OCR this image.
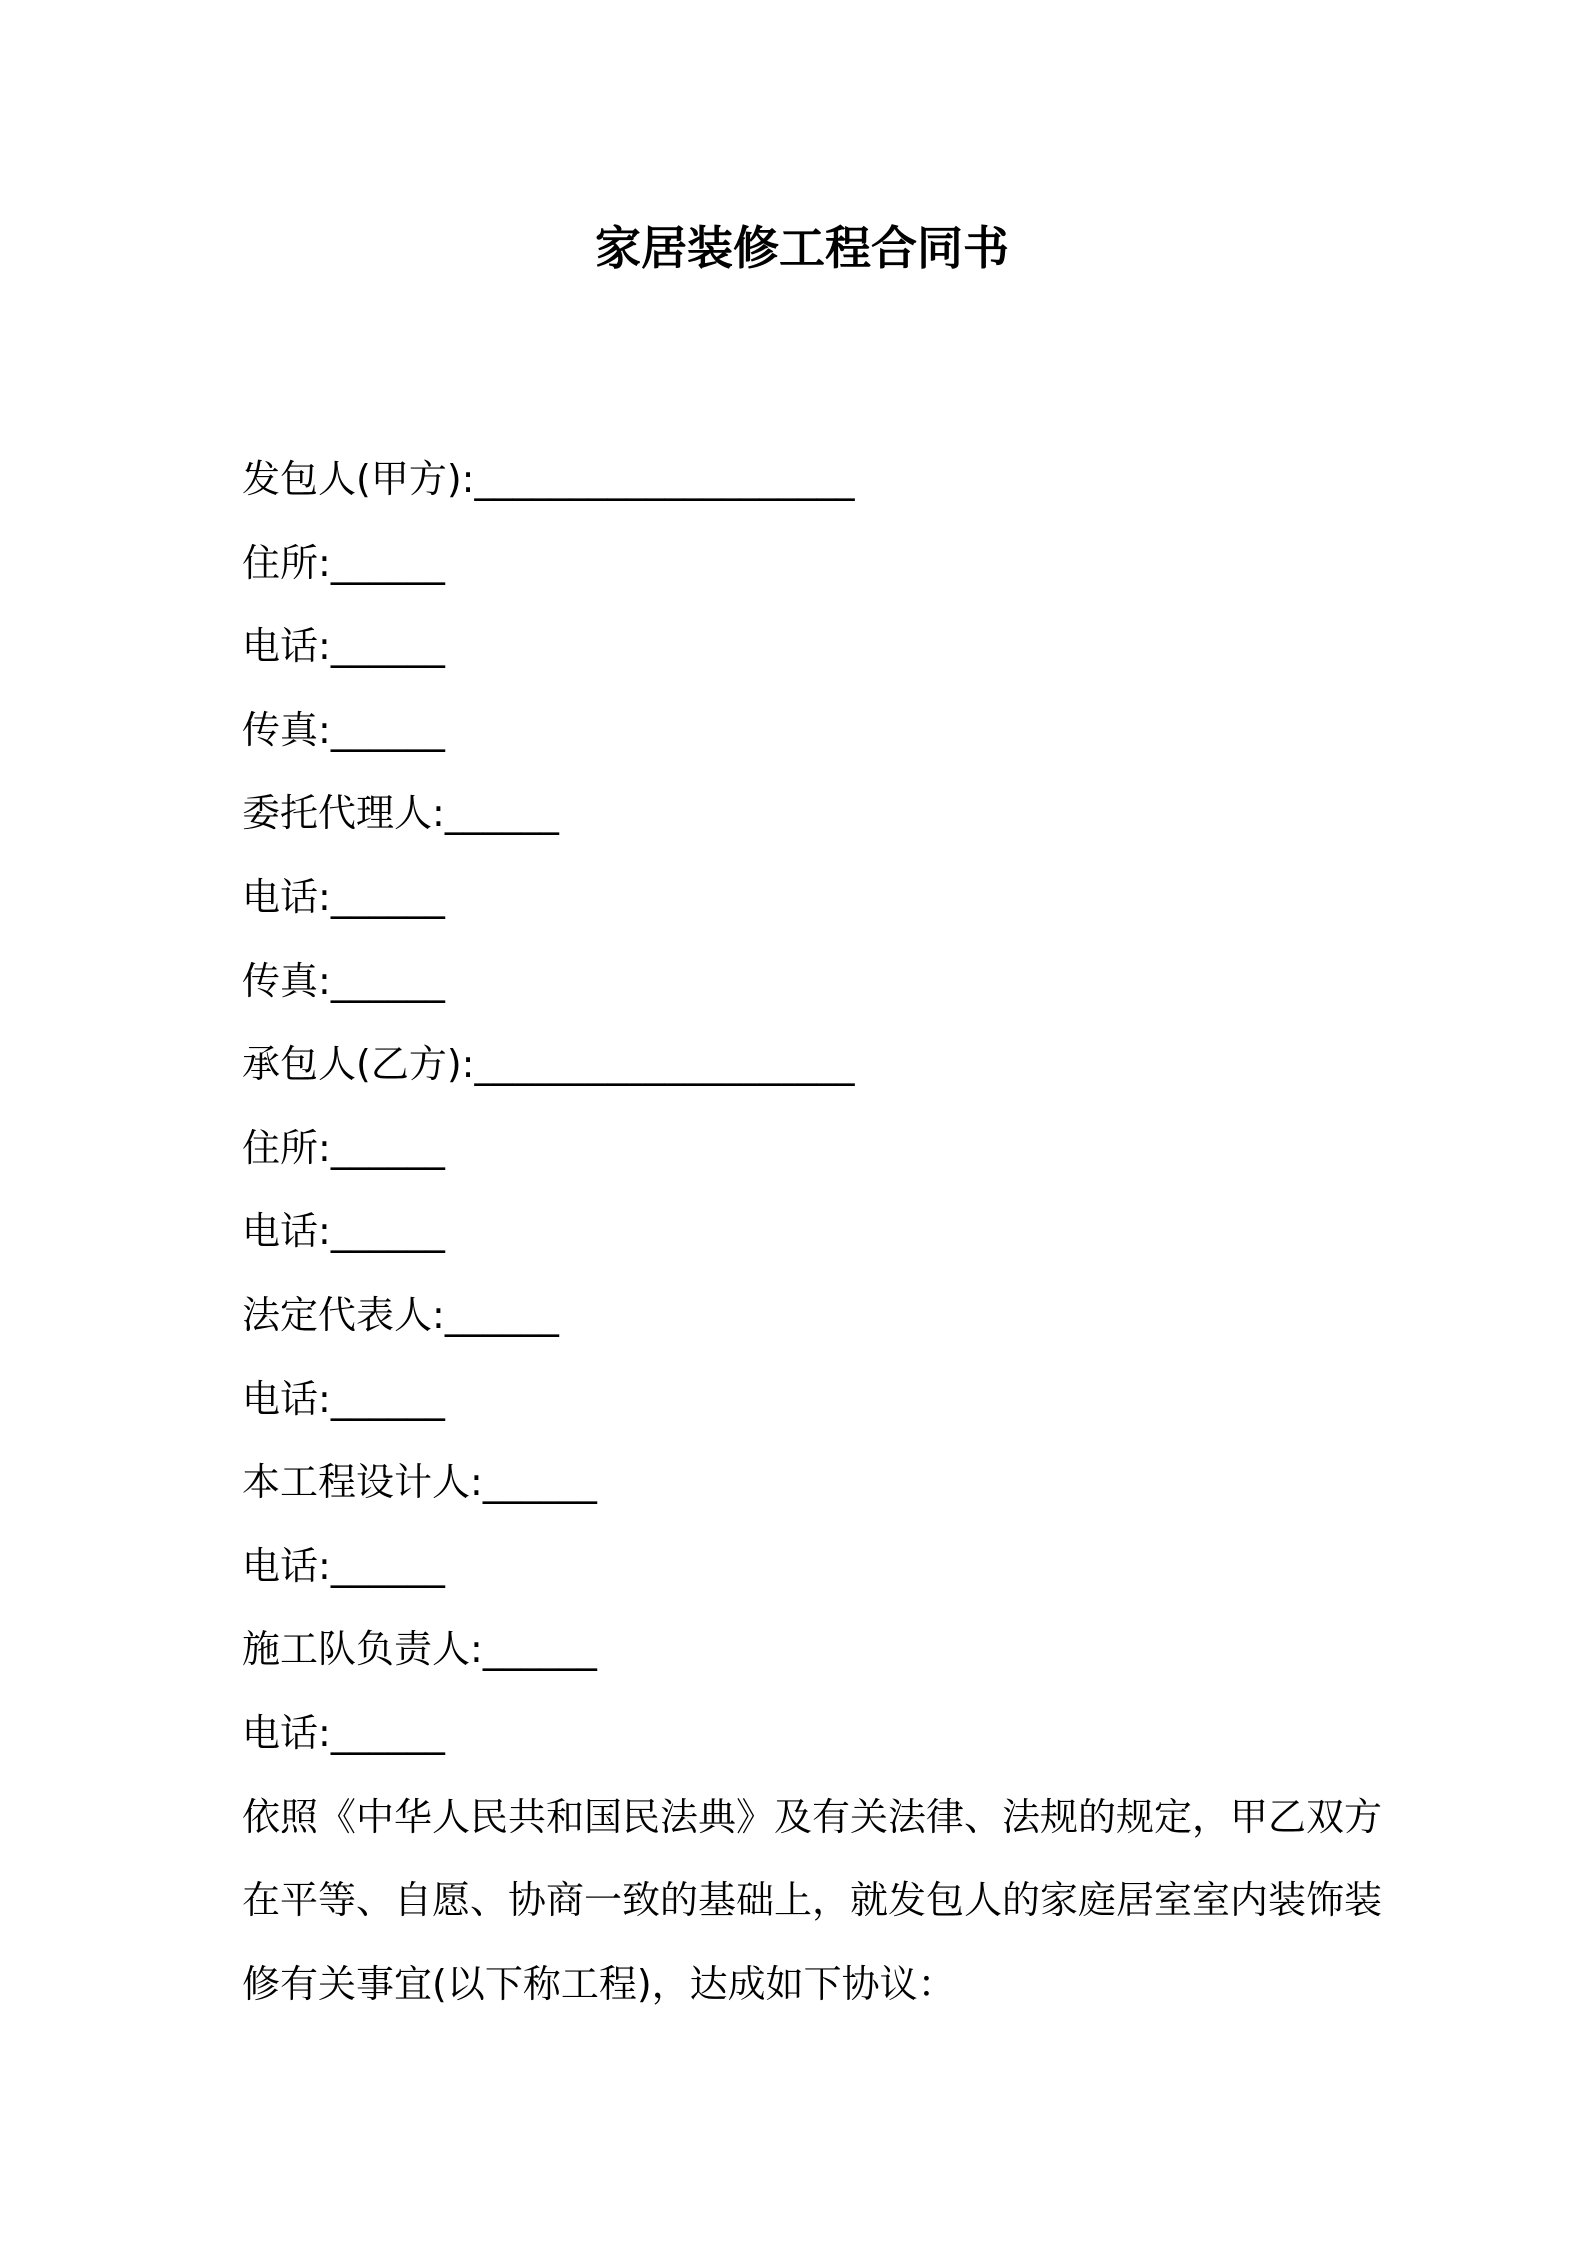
家居装修工程合同书
发包人(甲方):____________________
住所:______
电话:______
传真:______
委托代理人:______
电话:______
传真:______
承包人(乙方):____________________
住所:______
电话:______
法定代表人:______
电话:______
本工程设计人:______
电话:______
施工队负责人:______
电话:______
依照《中华人民共和国民法典》及有关法律、法规的规定，甲乙双方
在平等、自愿、协商一致的基础上，就发包人的家庭居室室内装饰装
修有关事宜(以下称工程)，达成如下协议：
